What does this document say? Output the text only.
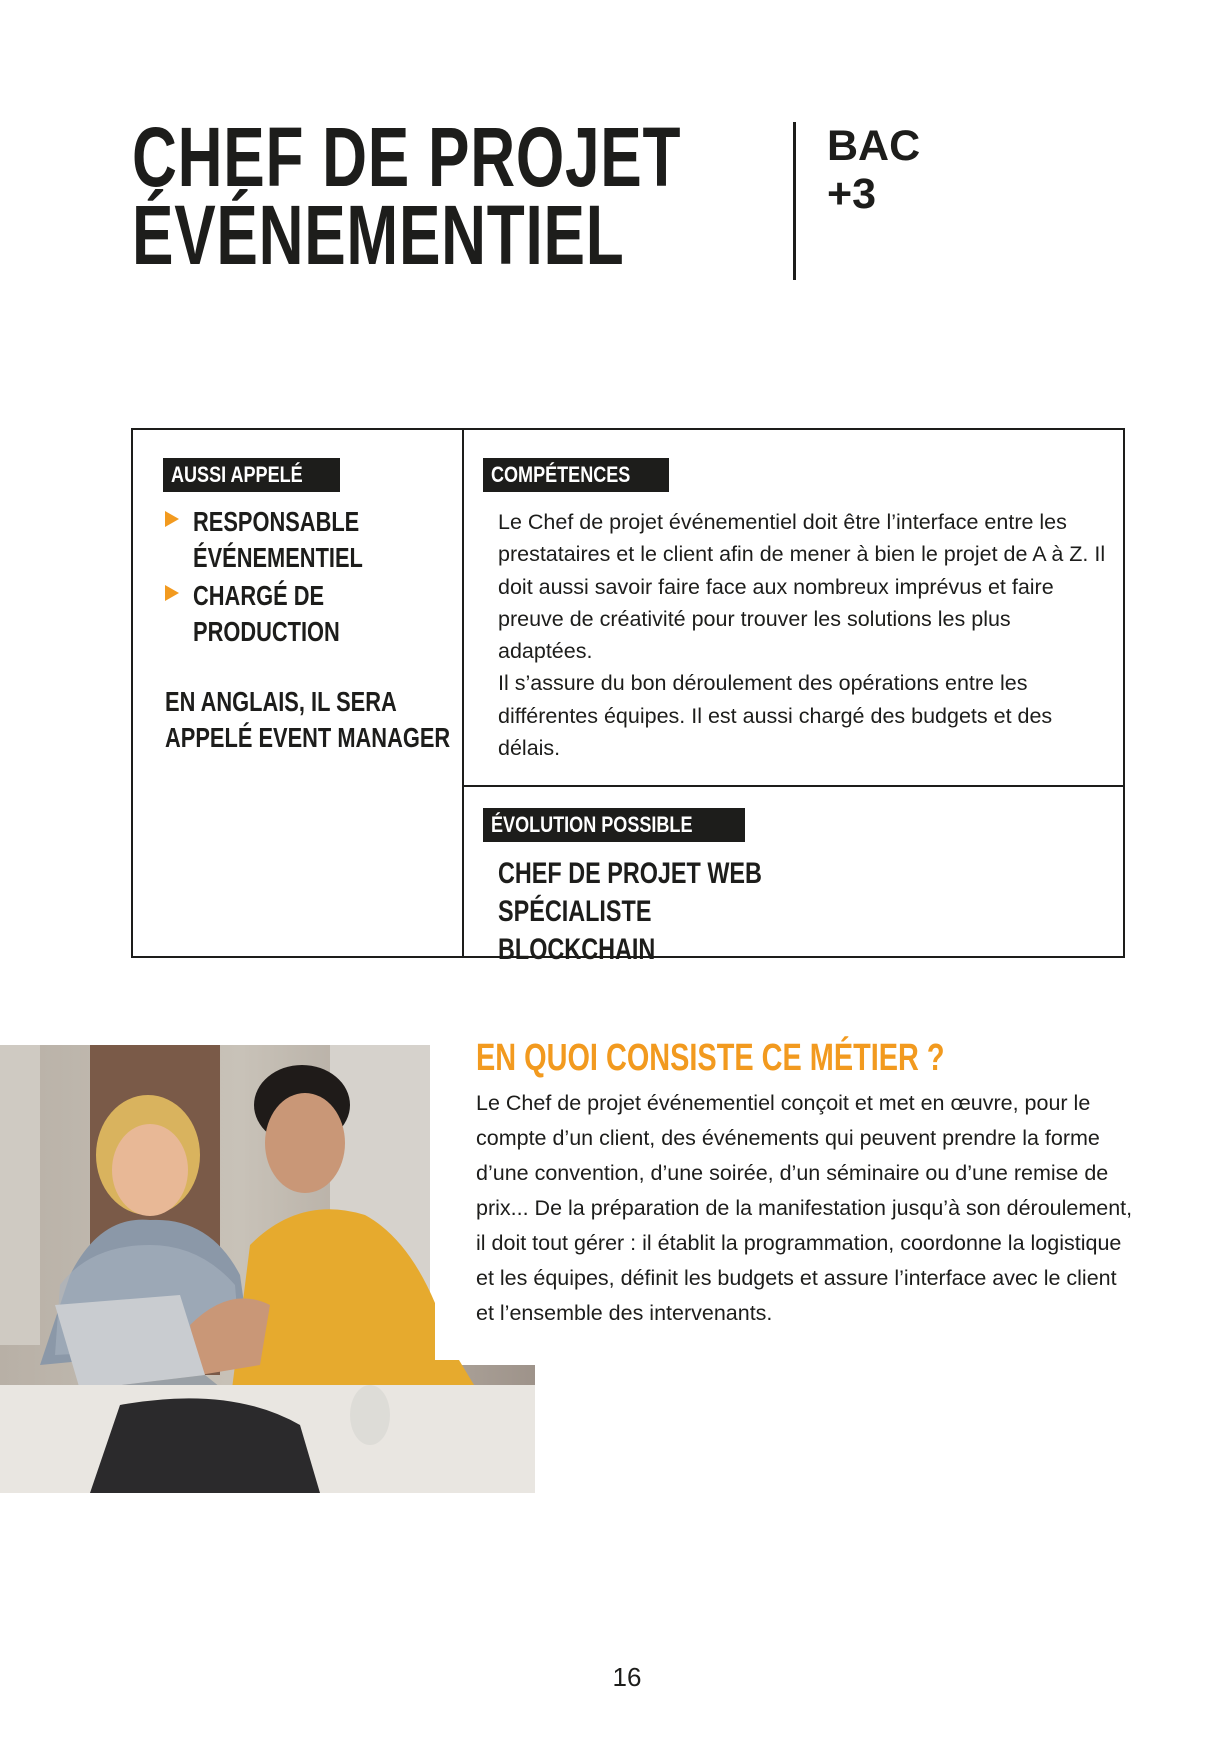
CHEF DE PROJET
ÉVÉNEMENTIEL
BAC
+3
AUSSI APPELÉ
RESPONSABLE
ÉVÉNEMENTIEL
CHARGÉ DE
PRODUCTION
EN ANGLAIS, IL SERA
APPELÉ EVENT MANAGER
COMPÉTENCES

Le Chef de projet événementiel doit être l’interface entre les prestataires et le client afin de mener à bien le projet de A à Z. Il doit aussi savoir faire face aux nombreux imprévus et faire preuve de créativité pour trouver les solutions les plus adaptées.

Il s’assure du bon déroulement des opérations entre les différentes équipes. Il est aussi chargé des budgets et des délais.

ÉVOLUTION POSSIBLE
CHEF DE PROJET WEB
SPÉCIALISTE BLOCKCHAIN
EN QUOI CONSISTE CE MÉTIER ?

Le Chef de projet événementiel conçoit et met en œuvre, pour le compte d’un client, des événements qui peuvent prendre la forme d’une convention, d’une soirée, d’un séminaire ou d’une remise de prix... De la préparation de la manifestation jusqu’à son déroulement, il doit tout gérer : il établit la programmation, coordonne la logistique et les équipes, définit les budgets et assure l’interface avec le client et l’ensemble des intervenants.

16
